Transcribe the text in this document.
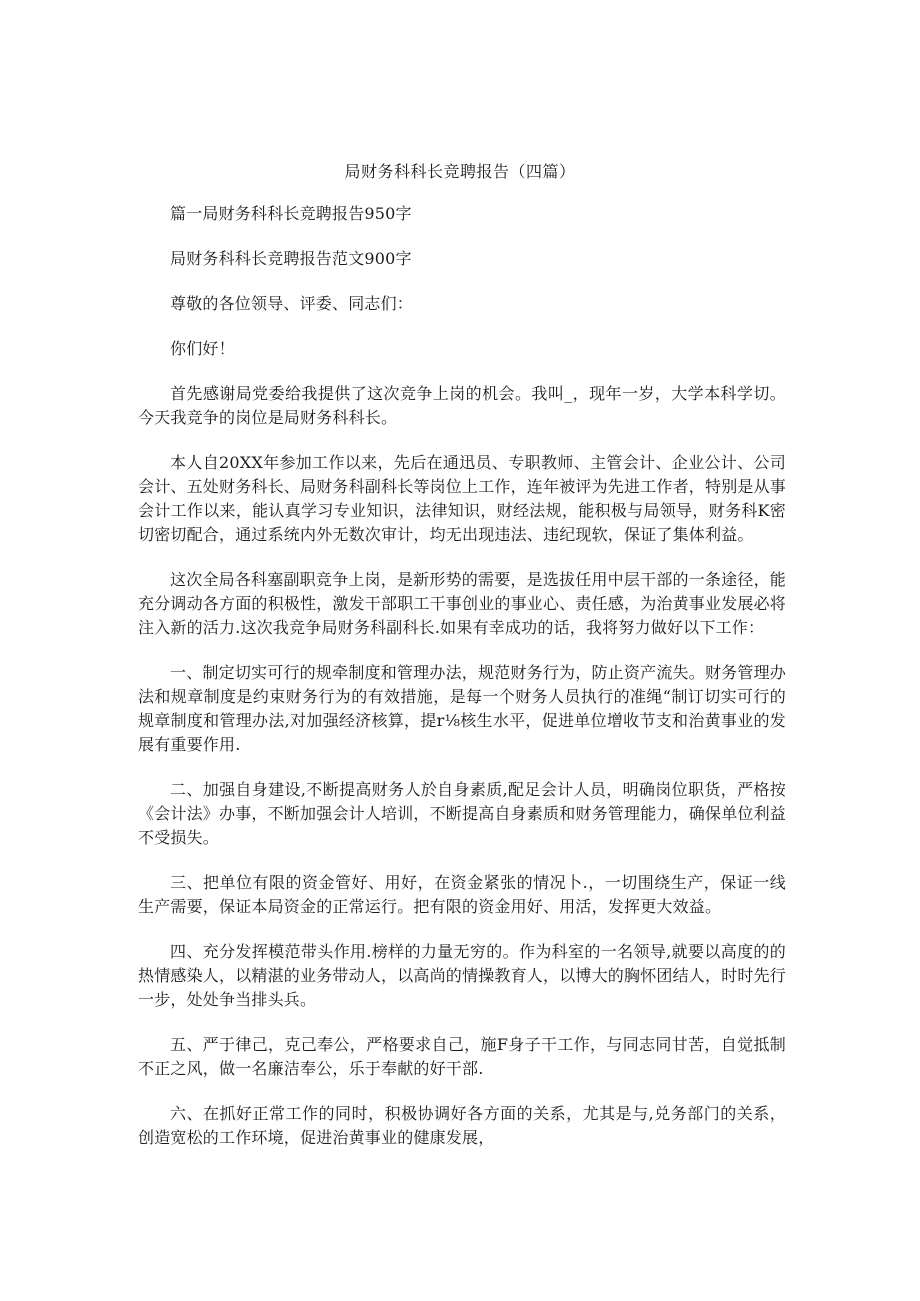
局财务科科长竞聘报告（四篇）

篇一局财务科科长竞聘报告950字

局财务科科长竞聘报告范文900字

尊敬的各位领导、评委、同志们：

你们好！

首先感谢局党委给我提供了这次竞争上岗的机会。我叫_，现年一岁，大学本科学切。今天我竞争的岗位是局财务科科长。

本人自20XX年参加工作以来，先后在通迅员、专职教师、主管会计、企业公计、公司会计、五处财务科长、局财务科副科长等岗位上工作，连年被评为先进工作者，特别是从事会计工作以来，能认真学习专业知识，法律知识，财经法规，能积极与局领导，财务科K密切密切配合，通过系统内外无数次审计，均无出现违法、违纪现软，保证了集体利益。

这次全局各科塞副职竞争上岗，是新形势的需要，是选拔任用中层干部的一条途径，能充分调动各方面的积极性，激发干部职工干事创业的事业心、责任感，为治黄事业发展必将注入新的活力.这次我竞争局财务科副科长.如果有幸成功的话，我将努力做好以下工作：

一、制定切实可行的规牵制度和管理办法，规范财务行为，防止资产流失。财务管理办法和规章制度是约束财务行为的有效措施，是每一个财务人员执行的准绳“制订切实可行的规章制度和管理办法,对加强经济核算，提r⅛核生水平，促进单位增收节支和治黄事业的发展有重要作用.

二、加强自身建设,不断提高财务人於自身素质,配足会计人员，明确岗位职货，严格按《会计法》办事，不断加强会计人培训，不断提高自身素质和财务管理能力，确保单位利益不受损失。

三、把单位有限的资金管好、用好，在资金紧张的情况卜.，一切围绕生产，保证一线生产需要，保证本局资金的正常运行。把有限的资金用好、用活，发挥更大效益。

四、充分发挥模范带头作用.榜样的力量无穷的。作为科室的一名领导,就要以高度的的热情感染人，以精湛的业务带动人，以高尚的情操教育人，以博大的胸怀团结人，时时先行一步，处处争当排头兵。

五、严于律己，克己奉公，严格要求自己，施F身子干工作，与同志同甘苦，自觉抵制不正之风，做一名廉洁奉公，乐于奉献的好干部.

六、在抓好正常工作的同时，积极协调好各方面的关系，尤其是与,兑务部门的关系，创造宽松的工作环境，促进治黄事业的健康发展，
